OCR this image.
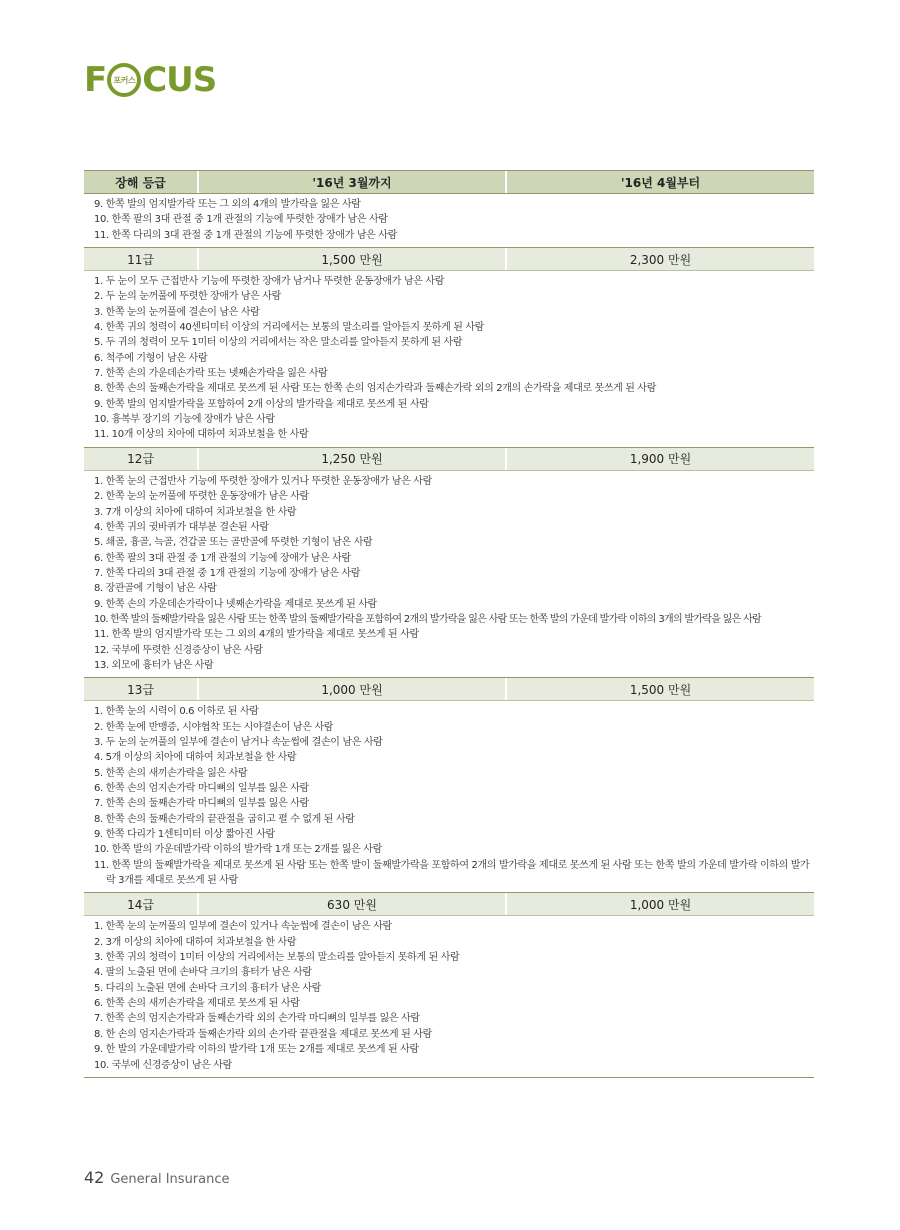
F 포커스 CUS
장해 등급	'16년 3월까지	'16년 4월부터
9. 한쪽 발의 엄지발가락 또는 그 외의 4개의 발가락을 잃은 사람
10. 한쪽 팔의 3대 관절 중 1개 관절의 기능에 뚜렷한 장애가 남은 사람
11. 한쪽 다리의 3대 관절 중 1개 관절의 기능에 뚜렷한 장애가 남은 사람
11급	1,500 만원	2,300 만원
1. 두 눈이 모두 근접반사 기능에 뚜렷한 장애가 남거나 뚜렷한 운동장애가 남은 사람
2. 두 눈의 눈꺼풀에 뚜렷한 장애가 남은 사람
3. 한쪽 눈의 눈꺼풀에 결손이 남은 사람
4. 한쪽 귀의 청력이 40센티미터 이상의 거리에서는 보통의 말소리를 알아듣지 못하게 된 사람
5. 두 귀의 청력이 모두 1미터 이상의 거리에서는 작은 말소리를 알아듣지 못하게 된 사람
6. 척주에 기형이 남은 사람
7. 한쪽 손의 가운데손가락 또는 넷째손가락을 잃은 사람
8. 한쪽 손의 둘째손가락을 제대로 못쓰게 된 사람 또는 한쪽 손의 엄지손가락과 둘째손가락 외의 2개의 손가락을 제대로 못쓰게 된 사람
9. 한쪽 발의 엄지발가락을 포함하여 2개 이상의 발가락을 제대로 못쓰게 된 사람
10. 흉복부 장기의 기능에 장애가 남은 사람
11. 10개 이상의 치아에 대하여 치과보철을 한 사람
12급	1,250 만원	1,900 만원
1. 한쪽 눈의 근접반사 기능에 뚜렷한 장애가 있거나 뚜렷한 운동장애가 남은 사람
2. 한쪽 눈의 눈꺼풀에 뚜렷한 운동장애가 남은 사람
3. 7개 이상의 치아에 대하여 치과보철을 한 사람
4. 한쪽 귀의 귓바퀴가 대부분 결손된 사람
5. 쇄골, 흉골, 늑골, 견갑골 또는 골반골에 뚜렷한 기형이 남은 사람
6. 한쪽 팔의 3대 관절 중 1개 관절의 기능에 장애가 남은 사람
7. 한쪽 다리의 3대 관절 중 1개 관절의 기능에 장애가 남은 사람
8. 장관골에 기형이 남은 사람
9. 한쪽 손의 가운데손가락이나 넷째손가락을 제대로 못쓰게 된 사람
10. 한쪽 발의 둘째발가락을 잃은 사람 또는 한쪽 발의 둘째발가락을 포함하여 2개의 발가락을 잃은 사람 또는 한쪽 발의 가운데 발가락 이하의 3개의 발가락을 잃은 사람
11. 한쪽 발의 엄지발가락 또는 그 외의 4개의 발가락을 제대로 못쓰게 된 사람
12. 국부에 뚜렷한 신경증상이 남은 사람
13. 외모에 흉터가 남은 사람
13급	1,000 만원	1,500 만원
1. 한쪽 눈의 시력이 0.6 이하로 된 사람
2. 한쪽 눈에 반맹증, 시야협착 또는 시야결손이 남은 사람
3. 두 눈의 눈꺼풀의 일부에 결손이 남거나 속눈썹에 결손이 남은 사람
4. 5개 이상의 치아에 대하여 치과보철을 한 사람
5. 한쪽 손의 새끼손가락을 잃은 사람
6. 한쪽 손의 엄지손가락 마디뼈의 일부를 잃은 사람
7. 한쪽 손의 둘째손가락 마디뼈의 일부를 잃은 사람
8. 한쪽 손의 둘째손가락의 끝관절을 굽히고 펼 수 없게 된 사람
9. 한쪽 다리가 1센티미터 이상 짧아진 사람
10. 한쪽 발의 가운데발가락 이하의 발가락 1개 또는 2개를 잃은 사람
11. 한쪽 발의 둘째발가락을 제대로 못쓰게 된 사람 또는 한쪽 발이 둘째발가락을 포함하여 2개의 발가락을 제대로 못쓰게 된 사람 또는 한쪽 발의 가운데 발가락 이하의 발가락 3개를 제대로 못쓰게 된 사람
14급	630 만원	1,000 만원
1. 한쪽 눈의 눈꺼풀의 일부에 결손이 있거나 속눈썹에 결손이 남은 사람
2. 3개 이상의 치아에 대하여 치과보철을 한 사람
3. 한쪽 귀의 청력이 1미터 이상의 거리에서는 보통의 말소리를 알아듣지 못하게 된 사람
4. 팔의 노출된 면에 손바닥 크기의 흉터가 남은 사람
5. 다리의 노출된 면에 손바닥 크기의 흉터가 남은 사람
6. 한쪽 손의 새끼손가락을 제대로 못쓰게 된 사람
7. 한쪽 손의 엄지손가락과 둘째손가락 외의 손가락 마디뼈의 일부를 잃은 사람
8. 한 손의 엄지손가락과 둘째손가락 외의 손가락 끝관절을 제대로 못쓰게 된 사람
9. 한 발의 가운데발가락 이하의 발가락 1개 또는 2개를 제대로 못쓰게 된 사람
10. 국부에 신경증상이 남은 사람
42 General Insurance
